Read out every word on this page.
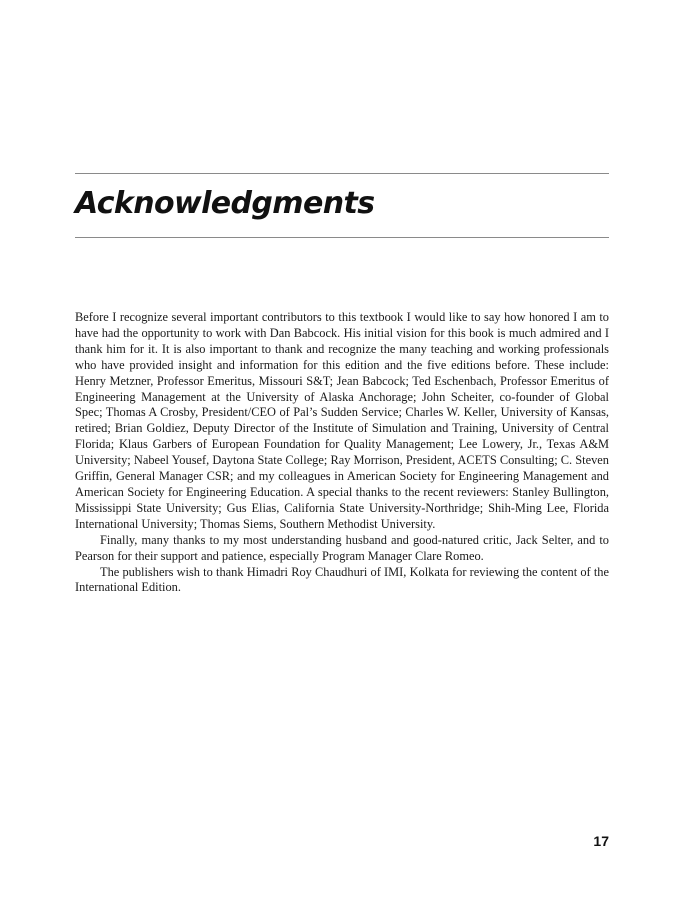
Acknowledgments

Before I recognize several important contributors to this textbook I would like to say how honored I am to have had the opportunity to work with Dan Babcock. His initial vision for this book is much admired and I thank him for it. It is also important to thank and recognize the many teaching and working professionals who have provided insight and information for this edition and the five editions before. These include: Henry Metzner, Professor Emeritus, Missouri S&T; Jean Babcock; Ted Eschenbach, Professor Emeritus of Engineering Management at the University of Alaska Anchorage; John Scheiter, co-founder of Global Spec; Thomas A Crosby, President/CEO of Pal’s Sudden Service; Charles W. Keller, University of Kansas, retired; Brian Goldiez, Deputy Director of the Institute of Simulation and Training, University of Central Florida; Klaus Garbers of European Foundation for Quality Management; Lee Lowery, Jr., Texas A&M University; Nabeel Yousef, Daytona State College; Ray Morrison, President, ACETS Consulting; C. Steven Griffin, General Manager CSR; and my colleagues in American Society for Engineering Management and American Society for Engineering Education. A special thanks to the recent reviewers: Stanley Bullington, Mississippi State University; Gus Elias, California State University-Northridge; Shih-Ming Lee, Florida International University; Thomas Siems, Southern Methodist University.

Finally, many thanks to my most understanding husband and good-natured critic, Jack Selter, and to Pearson for their support and patience, especially Program Manager Clare Romeo.

The publishers wish to thank Himadri Roy Chaudhuri of IMI, Kolkata for reviewing the content of the International Edition.

17
